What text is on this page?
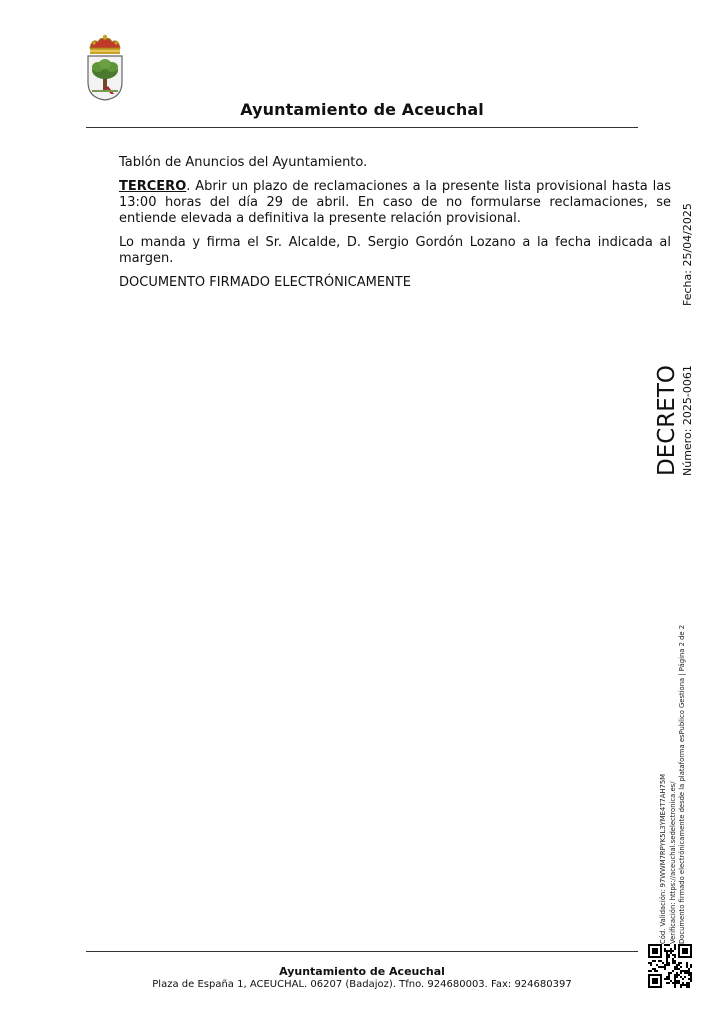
Ayuntamiento de Aceuchal

Tablón de Anuncios del Ayuntamiento.

TERCERO. Abrir un plazo de reclamaciones a la presente lista provisional hasta las 13:00 horas del día 29 de abril. En caso de no formularse reclamaciones, se entiende elevada a definitiva la presente relación provisional.

Lo manda y firma el Sr. Alcalde, D. Sergio Gordón Lozano a la fecha indicada al margen.

DOCUMENTO FIRMADO ELECTRÓNICAMENTE

DECRETO Número: 2025-0061Fecha: 25/04/2025
Cód. Validación: 97WWM7RPYK5L3YME4T7AH75M Verificación: https://aceuchal.sedelectronica.es/ Documento firmado electrónicamente desde la plataforma esPublico Gestiona | Página 2 de 2
Ayuntamiento de Aceuchal
Plaza de España 1, ACEUCHAL. 06207 (Badajoz). Tfno. 924680003. Fax: 924680397
